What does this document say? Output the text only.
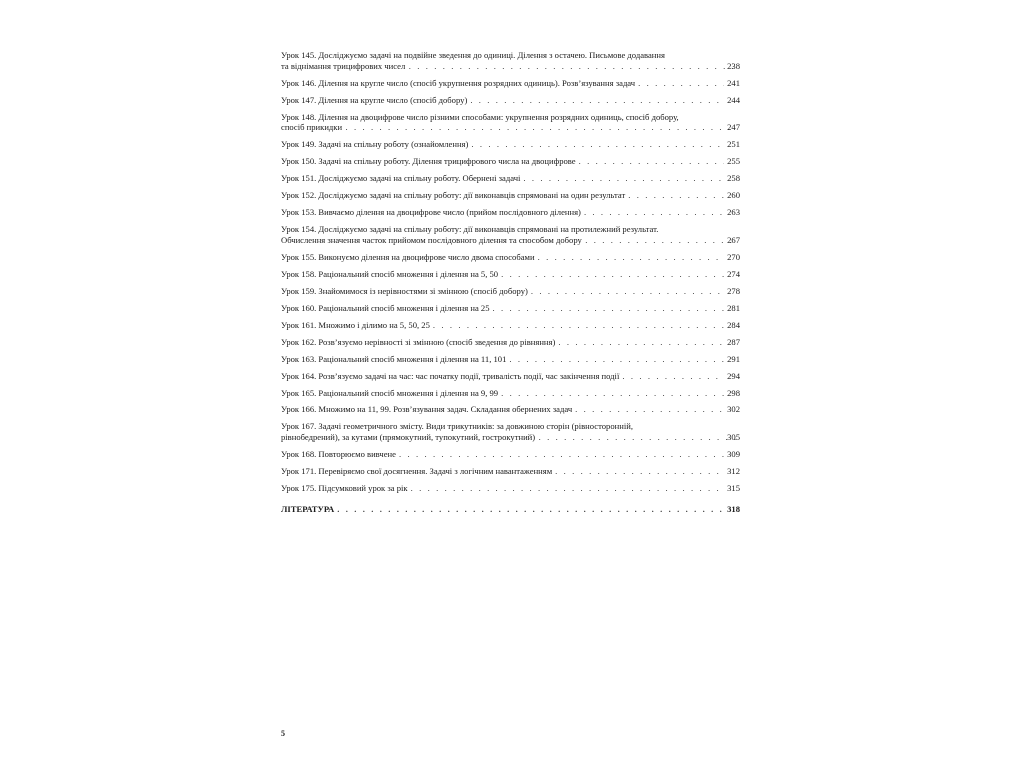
Урок 145. Досліджуємо задачі на подвійне зведення до одиниці. Ділення з остачею. Письмове додавання
та віднімання трицифрових чисел . . .	238
Урок 146. Ділення на кругле число (спосіб укрупнення розрядних одиниць). Розв’язування задач . . .	241
Урок 147. Ділення на кругле число (спосіб добору) . . .	244
Урок 148. Ділення на двоцифрове число різними способами: укрупнення розрядних одиниць, спосіб добору,
спосіб прикидки . . .	247
Урок 149. Задачі на спільну роботу (ознайомлення) . . .	251
Урок 150. Задачі на спільну роботу. Ділення трицифрового числа на двоцифрове . . .	255
Урок 151. Досліджуємо задачі на спільну роботу. Обернені задачі . . .	258
Урок 152. Досліджуємо задачі на спільну роботу: дії виконавців спрямовані на один результат . . .	260
Урок 153. Вивчаємо ділення на двоцифрове число (прийом послідовного ділення) . . .	263
Урок 154. Досліджуємо задачі на спільну роботу: дії виконавців спрямовані на протилежний результат.
Обчислення значення часток прийомом послідовного ділення та способом добору . . .	267
Урок 155. Виконуємо ділення на двоцифрове число двома способами . . .	270
Урок 158. Раціональний спосіб множення і ділення на 5, 50 . . .	274
Урок 159. Знайомимося із нерівностями зі змінною (спосіб добору) . . .	278
Урок 160. Раціональний спосіб множення і ділення на 25 . . .	281
Урок 161. Множимо і ділимо на 5, 50, 25 . . .	284
Урок 162. Розв’язуємо нерівності зі змінною (спосіб зведення до рівняння) . . .	287
Урок 163. Раціональний спосіб множення і ділення на 11, 101 . . .	291
Урок 164. Розв’язуємо задачі на час: час початку події, тривалість події, час закінчення події . . .	294
Урок 165. Раціональний спосіб множення і ділення на 9, 99 . . .	298
Урок 166. Множимо на 11, 99. Розв’язування задач. Складання обернених задач . . .	302
Урок 167. Задачі геометричного змісту. Види трикутників: за довжиною сторін (рівносторонній,
рівнобедрений), за кутами (прямокутний, тупокутний, гострокутний) . . .	305
Урок 168. Повторюємо вивчене . . .	309
Урок 171. Перевіряємо свої досягнення. Задачі з логічним навантаженням . . .	312
Урок 175. Підсумковий урок за рік . . .	315
ЛІТЕРАТУРА . . .	318
5
